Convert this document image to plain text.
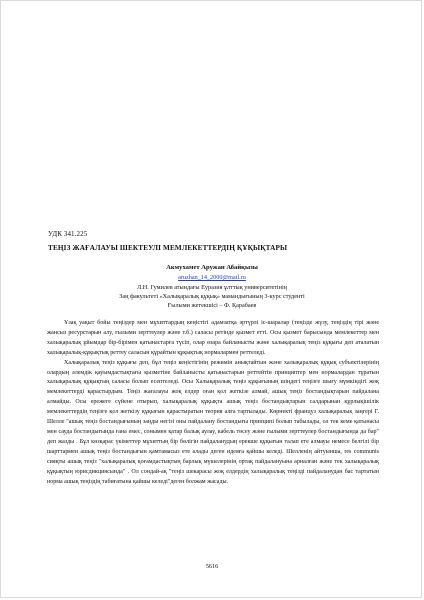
УДК 341.225
ТЕҢІЗ ЖАҒАЛАУЫ ШЕКТЕУЛІ МЕМЛЕКЕТТЕРДІҢ ҚҰҚЫҚТАРЫ
Акмухамет Аружан Абайқызы
aruzhan_14_2000@mail.ru
Л.Н. Гумилев атындағы Еуразия ұлттық университетінің
Заң факультеті «Халықаралық құқық» мамандығының 3-курс студенті
Ғылыми жетекшісі – Ф. Қарабаев

Ұзақ уақыт бойы теңіздер мен мұхиттардың кеңістігі адамзатқа әртүрлі іс-шаралар (теңізде жүзу, теңіздің тірі және жансыз ресурстарын алу, ғылыми зерттеулер және т.б.) саласы ретінде қызмет етті. Осы қызмет барысында мемлекеттер мен халықаралық ұйымдар бір-бірімен қатынастарға түсіп, олар өзара байланысты және халықаралық теңіз құқығы деп аталатын халықаралық-құқықтық реттеу саласын құрайтын құқықтық нормалармен реттеледі.

Халықаралық теңіз құқығы деп, бұл теңіз кеңістігінің режимін анықтайтын және халықаралық құқық субъектілерінің олардың әлемдік қауымдастықтағы қызметіне байланысты қатынастарын реттейтін принциптер мен нормалардан тұратын халықаралық құқықтың саласы болып есептеледі. Осы Халықаралық теңіз құқығының шіңдегі теңізге шығу мүмкіндігі жоқ мемлекеттерді қарастырдым. Теңіз жағалауы жоқ елдер оған қол жеткізе алмай, ашық теңіз бостандықтарын пайдалана алмайды. Осы ережеге сүйене отырып, халықаралық құқықта ашық теңіз бостандықтарын салдарынан құрлықішілік мемлекеттердің теңізге қол жеткізу құқығын қарастыратын теория алға тартылады. Көрнекті француз халықаралық заңгері Г. Шелле "ашық теңіз бостандығының заңды негізі оны пайдалану бостандығы принципі болып табылады, ол тек кеме қатынасы мен сауда бостандығында ғана емес, сонымен қатар балық аулау, кабель төсеу және ғылыми зерттеулер бостандығында да бар" деп жазды . Бұл көзқарас үкіметтер мұхиттың бір бөлігін пайдаланудың ерекше құқығын талап ете алмауы немесе белгілі бір шарттармен ашық теңіз бостандығын қамтамасыз ете алады деген идеяға қайшы келеді. Шелленің айтуынша, res communis сияқты ашық теңіз "халықаралық қоғамдастықтың барлық мүшелерінің ортақ пайдалануына арналған және тек халықаралық құқықтың юрисдикциясында" . Ол сондай-ақ "теңіз шекарасы жоқ елдердің халықаралық теңізді пайдаланудан бас тартатын норма ашық теңіздің табиғатына қайшы келеді"деген болжам жасады.

5616
